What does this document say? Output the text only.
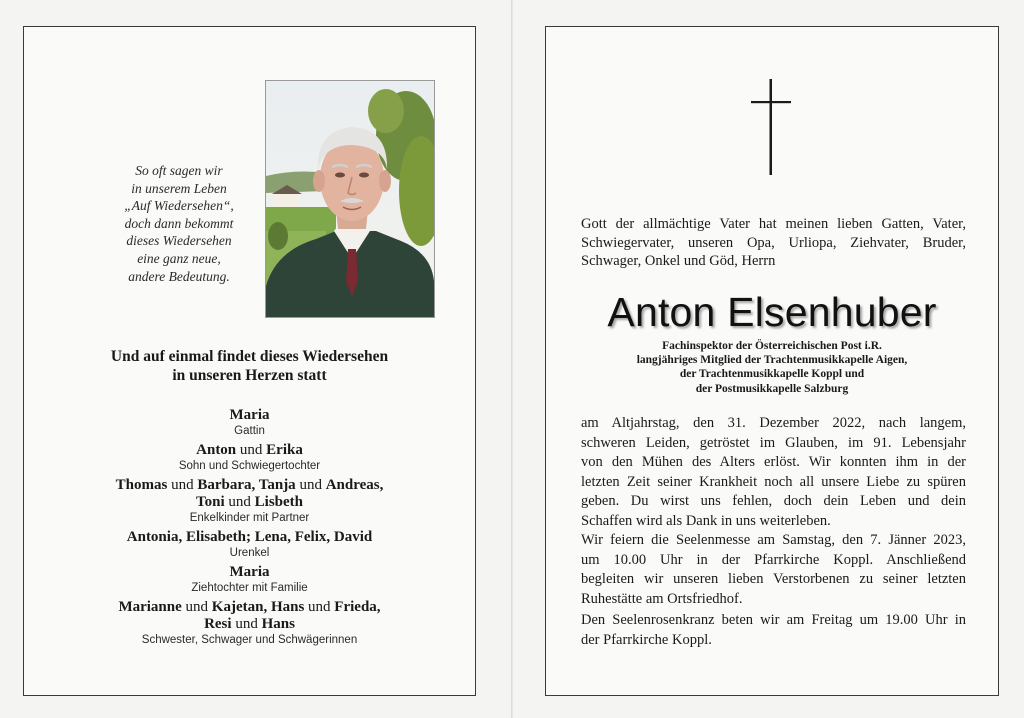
So oft sagen wir
in unserem Leben
„Auf Wiedersehen“,
doch dann bekommt
dieses Wiedersehen
eine ganz neue,
andere Bedeutung.
Und auf einmal findet dieses Wiedersehen
in unseren Herzen statt
Maria
Gattin
Anton und Erika
Sohn und Schwiegertochter
Thomas und Barbara, Tanja und Andreas,
Toni und Lisbeth
Enkelkinder mit Partner
Antonia, Elisabeth; Lena, Felix, David
Urenkel
Maria
Ziehtochter mit Familie
Marianne und Kajetan, Hans und Frieda,
Resi und Hans
Schwester, Schwager und Schwägerinnen
Gott der allmächtige Vater hat meinen lieben Gatten, Vater,
Schwiegervater, unseren Opa, Urliopa, Ziehvater, Bruder,
Schwager, Onkel und Göd, Herrn
Anton Elsenhuber
Fachinspektor der Österreichischen Post i.R.
langjähriges Mitglied der Trachtenmusikkapelle Aigen,
der Trachtenmusikkapelle Koppl und
der Postmusikkapelle Salzburg
am Altjahrstag, den 31. Dezember 2022, nach langem,
schweren Leiden, getröstet im Glauben, im 91. Lebensjahr
von den Mühen des Alters erlöst. Wir konnten ihm in der
letzten Zeit seiner Krankheit noch all unsere Liebe zu spüren
geben. Du wirst uns fehlen, doch dein Leben und dein
Schaffen wird als Dank in uns weiterleben.
Wir feiern die Seelenmesse am Samstag, den 7. Jänner 2023,
um 10.00 Uhr in der Pfarrkirche Koppl. Anschließend
begleiten wir unseren lieben Verstorbenen zu seiner letzten
Ruhestätte am Ortsfriedhof.
Den Seelenrosenkranz beten wir am Freitag um 19.00 Uhr in
der Pfarrkirche Koppl.
